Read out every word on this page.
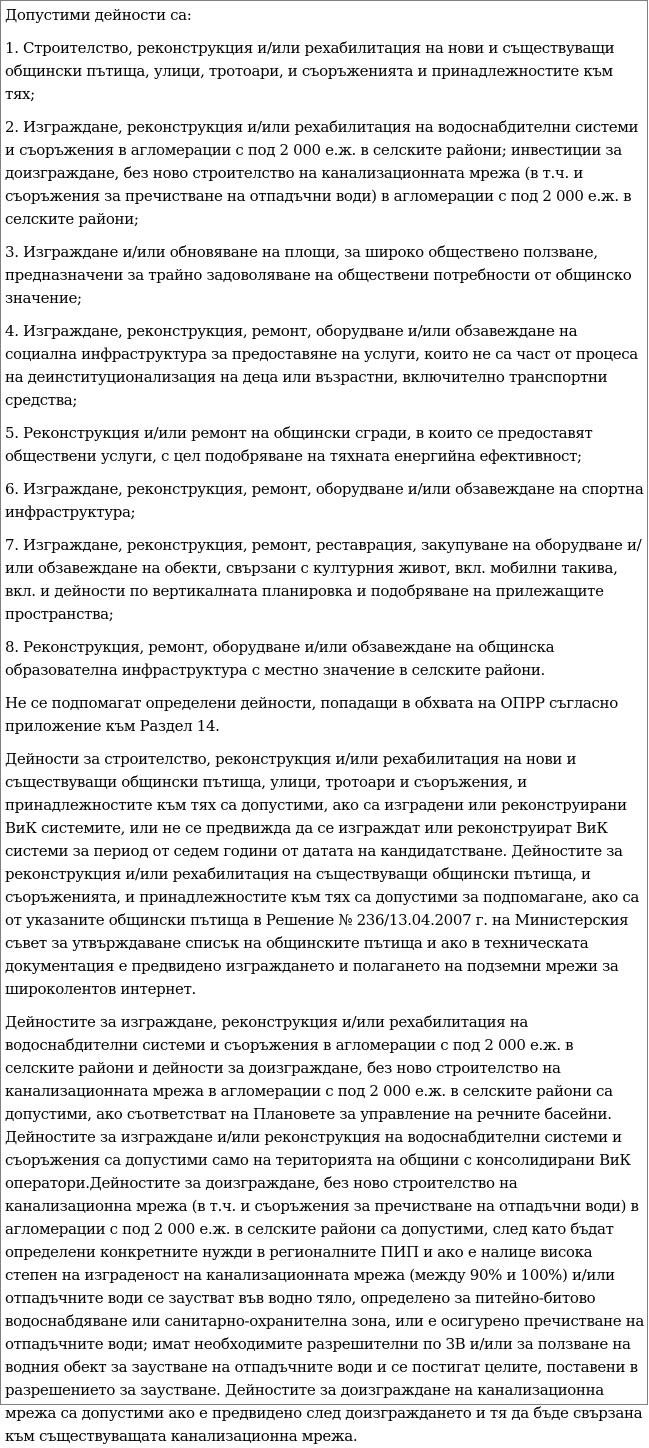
Допустими дейности са:
1. Строителство, реконструкция и/или рехабилитация на нови и съществуващи общински пътища, улици, тротоари, и съоръженията и принадлежностите към тях;
2. Изграждане, реконструкция и/или рехабилитация на водоснабдителни системи и съоръжения в агломерации с под 2 000 е.ж. в селските райони; инвестиции за доизграждане, без ново строителство на канализационната мрежа (в т.ч. и съоръжения за пречистване на отпадъчни води) в агломерации с под 2 000 е.ж. в селските райони;
3. Изграждане и/или обновяване на площи, за широко обществено ползване, предназначени за трайно задоволяване на обществени потребности от общинско значение;
4. Изграждане, реконструкция, ремонт, оборудване и/или обзавеждане на социална инфраструктура за предоставяне на услуги, които не са част от процеса на деинституционализация на деца или възрастни, включително транспортни средства;
5. Реконструкция и/или ремонт на общински сгради, в които се предоставят обществени услуги, с цел подобряване на тяхната енергийна ефективност;
6. Изграждане, реконструкция, ремонт, оборудване и/или обзавеждане на спортна инфраструктура;
7. Изграждане, реконструкция, ремонт, реставрация, закупуване на оборудване и/или обзавеждане на обекти, свързани с културния живот, вкл. мобилни такива, вкл. и дейности по вертикалната планировка и подобряване на прилежащите пространства;
8. Реконструкция, ремонт, оборудване и/или обзавеждане на общинска образователна инфраструктура с местно значение в селските райони.
Не се подпомагат определени дейности, попадащи в обхвата на ОПРР съгласно приложение към Раздел 14.
Дейности за строителство, реконструкция и/или рехабилитация на нови и съществуващи общински пътища, улици, тротоари и съоръжения, и принадлежностите към тях са допустими, ако са изградени или реконструирани ВиК системите, или не се предвижда да се изграждат или реконструират ВиК системи за период от седем години от датата на кандидатстване. Дейностите за реконструкция и/или рехабилитация на съществуващи общински пътища, и съоръженията, и принадлежностите към тях са допустими за подпомагане, ако са от указаните общински пътища в Решение № 236/13.04.2007 г. на Министерския съвет за утвърждаване списък на общинските пътища и ако в техническата документация е предвидено изграждането и полагането на подземни мрежи за широколентов интернет.
Дейностите за изграждане, реконструкция и/или рехабилитация на водоснабдителни системи и съоръжения в агломерации с под 2 000 е.ж. в селските райони и дейности за доизграждане, без ново строителство на канализационната мрежа в агломерации с под 2 000 е.ж. в селските райони са допустими, ако съответстват на Плановете за управление на речните басейни. Дейностите за изграждане и/или реконструкция на водоснабдителни системи и съоръжения са допустими само на територията на общини с консолидирани ВиК оператори.Дейностите за доизграждане, без ново строителство на канализационна мрежа (в т.ч. и съоръжения за пречистване на отпадъчни води) в агломерации с под 2 000 е.ж. в селските райони са допустими, след като бъдат определени конкретните нужди в регионалните ПИП и ако е налице висока степен на изграденост на канализационната мрежа (между 90% и 100%) и/или отпадъчните води се заустват във водно тяло, определено за питейно-битово водоснабдяване или санитарно-охранителна зона, или е осигурено пречистване на отпадъчните води; имат необходимите разрешителни по ЗВ и/или за ползване на водния обект за заустване на отпадъчните води и се постигат целите, поставени в разрешението за заустване. Дейностите за доизграждане на канализационна мрежа са допустими ако е предвидено след доизграждането и тя да бъде свързана към съществуващата канализационна мрежа.
